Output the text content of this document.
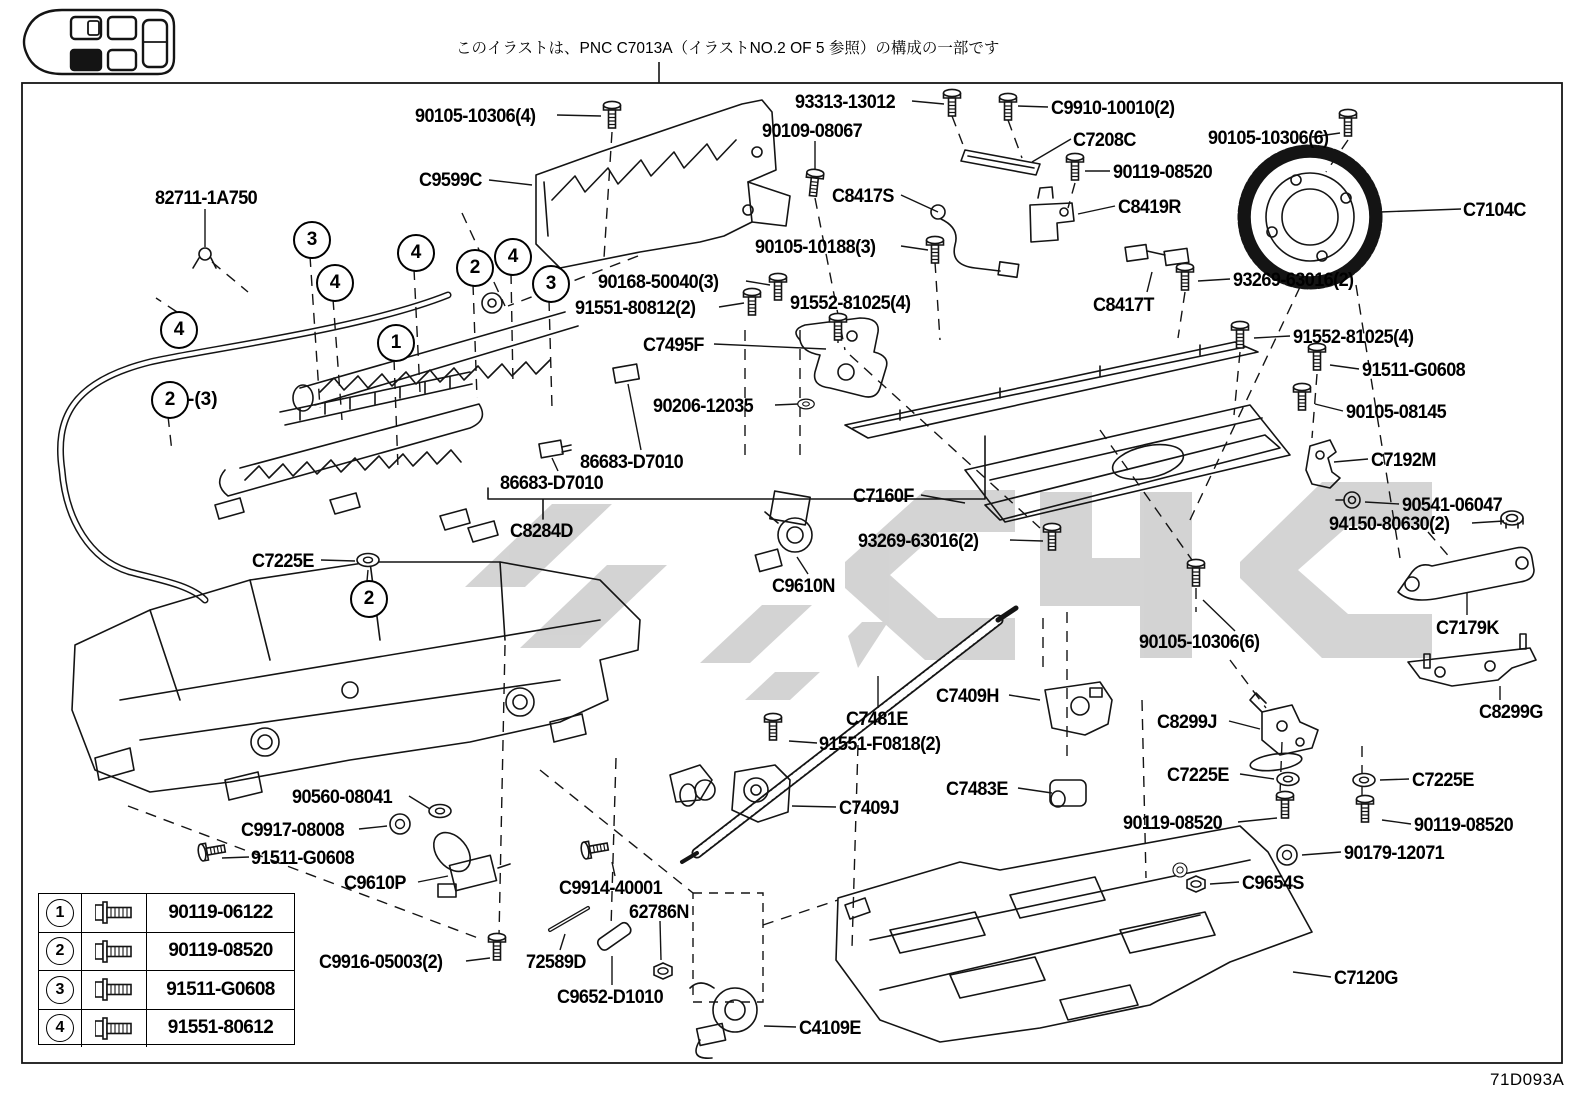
このイラストは、PNC C7013A（イラストNO.2 OF 5 参照）の構成の一部です
90105-10306(4)
C9599C
93313-13012
90109-08067
C9910-10010(2)
C7208C	90105-10306(6)
90119-08520
C8417S
C8419R	C7104C
90105-10188(3)
93269-63016(2)
C8417T
82711-1A750
90168-50040(3)
91551-80812(2)	91552-81025(4)
C7495F
90206-12035
86683-D7010
86683-D7010
C8284D
C7225E
C9610N
C7160F
93269-63016(2)
91552-81025(4)
91511-G0608
90105-08145
C7192M
90541-06047
94150-80630(2)
C7179K
90105-10306(6)
C8299G
C7409H
C8299J
C7481E
91551-F0818(2)
C7483E
C7225E	C7225E
90119-08520	90119-08520
90179-12071
C9654S
C7409J
90560-08041
C9917-08008
91511-G0608
C9610P	C9914-40001
62786N
C9916-05003(2)	72589D
C9652-D1010
C4109E
C7120G
3
4
4
2
4
3
1
4
2 -(3)
2
1	90119-06122
2	90119-08520
3	91511-G0608
4	91551-80612
71D093A
